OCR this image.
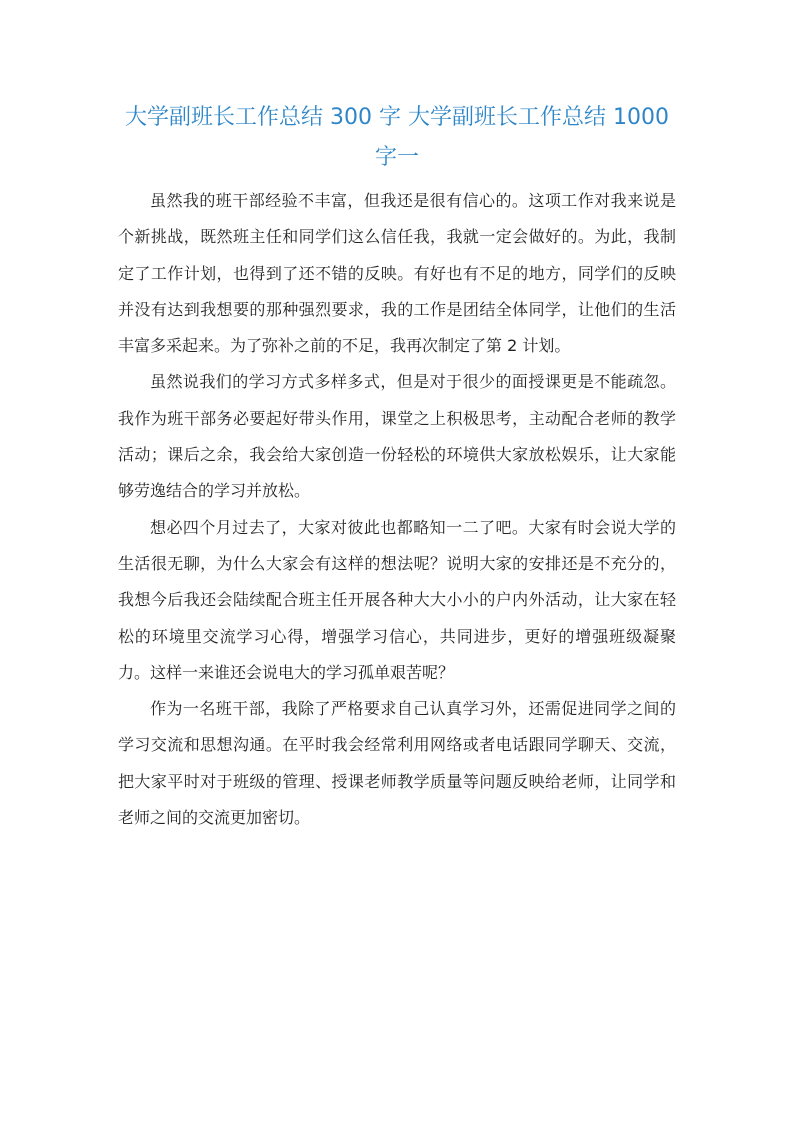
大学副班长工作总结 300 字 大学副班长工作总结 1000 字一

虽然我的班干部经验不丰富，但我还是很有信心的。这项工作对我来说是个新挑战，既然班主任和同学们这么信任我，我就一定会做好的。为此，我制定了工作计划，也得到了还不错的反映。有好也有不足的地方，同学们的反映并没有达到我想要的那种强烈要求，我的工作是团结全体同学，让他们的生活丰富多采起来。为了弥补之前的不足，我再次制定了第 2 计划。

虽然说我们的学习方式多样多式，但是对于很少的面授课更是不能疏忽。我作为班干部务必要起好带头作用，课堂之上积极思考，主动配合老师的教学活动；课后之余，我会给大家创造一份轻松的环境供大家放松娱乐，让大家能够劳逸结合的学习并放松。

想必四个月过去了，大家对彼此也都略知一二了吧。大家有时会说大学的生活很无聊，为什么大家会有这样的想法呢？说明大家的安排还是不充分的，我想今后我还会陆续配合班主任开展各种大大小小的户内外活动，让大家在轻松的环境里交流学习心得，增强学习信心，共同进步，更好的增强班级凝聚力。这样一来谁还会说电大的学习孤单艰苦呢？

作为一名班干部，我除了严格要求自己认真学习外，还需促进同学之间的学习交流和思想沟通。在平时我会经常利用网络或者电话跟同学聊天、交流，把大家平时对于班级的管理、授课老师教学质量等问题反映给老师，让同学和老师之间的交流更加密切。
